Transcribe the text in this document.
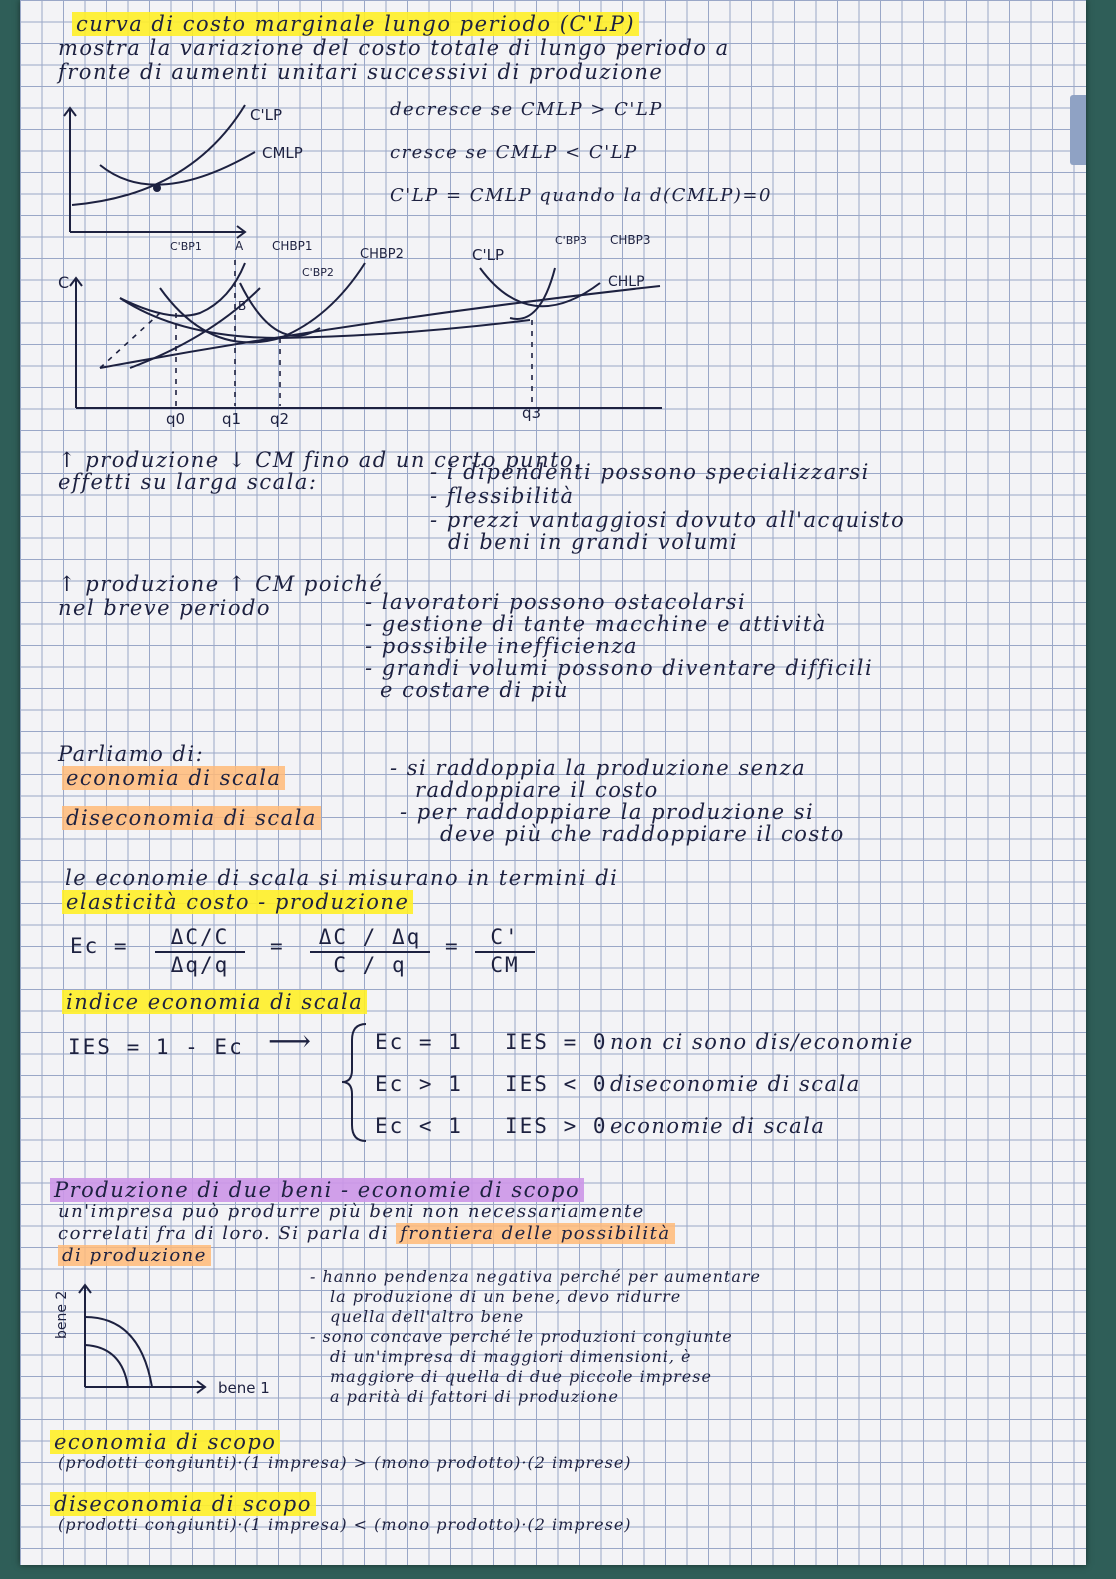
curva di costo marginale lungo periodo (C'LP)
mostra la variazione del costo totale di lungo periodo a
fronte di aumenti unitari successivi di produzione
decresce se CMLP > C'LP
cresce se CMLP < C'LP
C'LP = CMLP quando la d(CMLP)=0
C'LP
CMLP
C
C'BP1	A CHBP1
C'BP2
B
CHBP2	C'LP
C'BP3 CHBP3
CHLP
q0 q1 q2	q3
↑ produzione ↓ CM fino ad un certo punto.
effetti su larga scala:	- i dipendenti possono specializzarsi
- flessibilità
- prezzi vantaggiosi dovuto all'acquisto
di beni in grandi volumi
↑ produzione ↑ CM poiché
nel breve periodo	- lavoratori possono ostacolarsi
- gestione di tante macchine e attività
- possibile inefficienza
- grandi volumi possono diventare difficili
e costare di più
Parliamo di:
economia di scala	- si raddoppia la produzione senza
raddoppiare il costo
diseconomia di scala	- per raddoppiare la produzione si
deve più che raddoppiare il costo
le economie di scala si misurano in termini di
elasticità costo - produzione
Ec =	ΔC/C
Δq/q
=	ΔC / Δq
C / q
=	C'
CM
indice economia di scala
IES = 1 - Ec ⟶	Ec = 1 IES = 0 non ci sono dis/economie
Ec > 1 IES < 0 diseconomie di scala
Ec < 1 IES > 0 economie di scala
Produzione di due beni - economie di scopo
un'impresa può produrre più beni non necessariamente
correlati fra di loro. Si parla di frontiera delle possibilità
di produzione
bene 2
bene 1
- hanno pendenza negativa perché per aumentare
la produzione di un bene, devo ridurre
quella dell'altro bene
- sono concave perché le produzioni congiunte
di un'impresa di maggiori dimensioni, è
maggiore di quella di due piccole imprese
a parità di fattori di produzione
economia di scopo
(prodotti congiunti)·(1 impresa) > (mono prodotto)·(2 imprese)
diseconomia di scopo
(prodotti congiunti)·(1 impresa) < (mono prodotto)·(2 imprese)
